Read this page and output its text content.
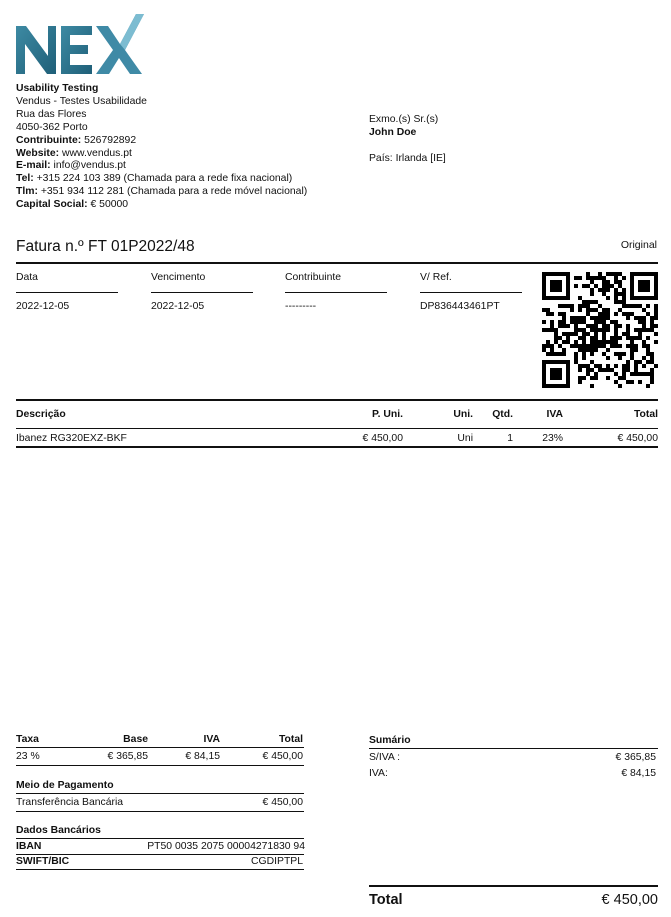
Usability Testing
Vendus - Testes Usabilidade
Rua das Flores
4050-362 Porto
Contribuinte: 526792892
Website: www.vendus.pt
E-mail: info@vendus.pt
Tel: +315 224 103 389 (Chamada para a rede fixa nacional)
Tlm: +351 934 112 281 (Chamada para a rede móvel nacional)
Capital Social: € 50000
Exmo.(s) Sr.(s)
John Doe
País: Irlanda [IE]
Fatura n.º FT 01P2022/48	Original
Data	Vencimento	Contribuinte	V/ Ref.
2022-12-05	2022-12-05	---------	DP836443461PT
Descrição	P. Uni.	Uni.	Qtd.	IVA	Total
Ibanez RG320EXZ-BKF	€ 450,00	Uni	1	23%	€ 450,00
Taxa	Base	IVA	Total
23 %	€ 365,85	€ 84,15	€ 450,00
Meio de Pagamento
Transferência Bancária	€ 450,00
Dados Bancários
IBAN	PT50 0035 2075 00004271830 94
SWIFT/BIC	CGDIPTPL
Sumário
S/IVA :	€ 365,85
IVA:	€ 84,15
Total	€ 450,00
